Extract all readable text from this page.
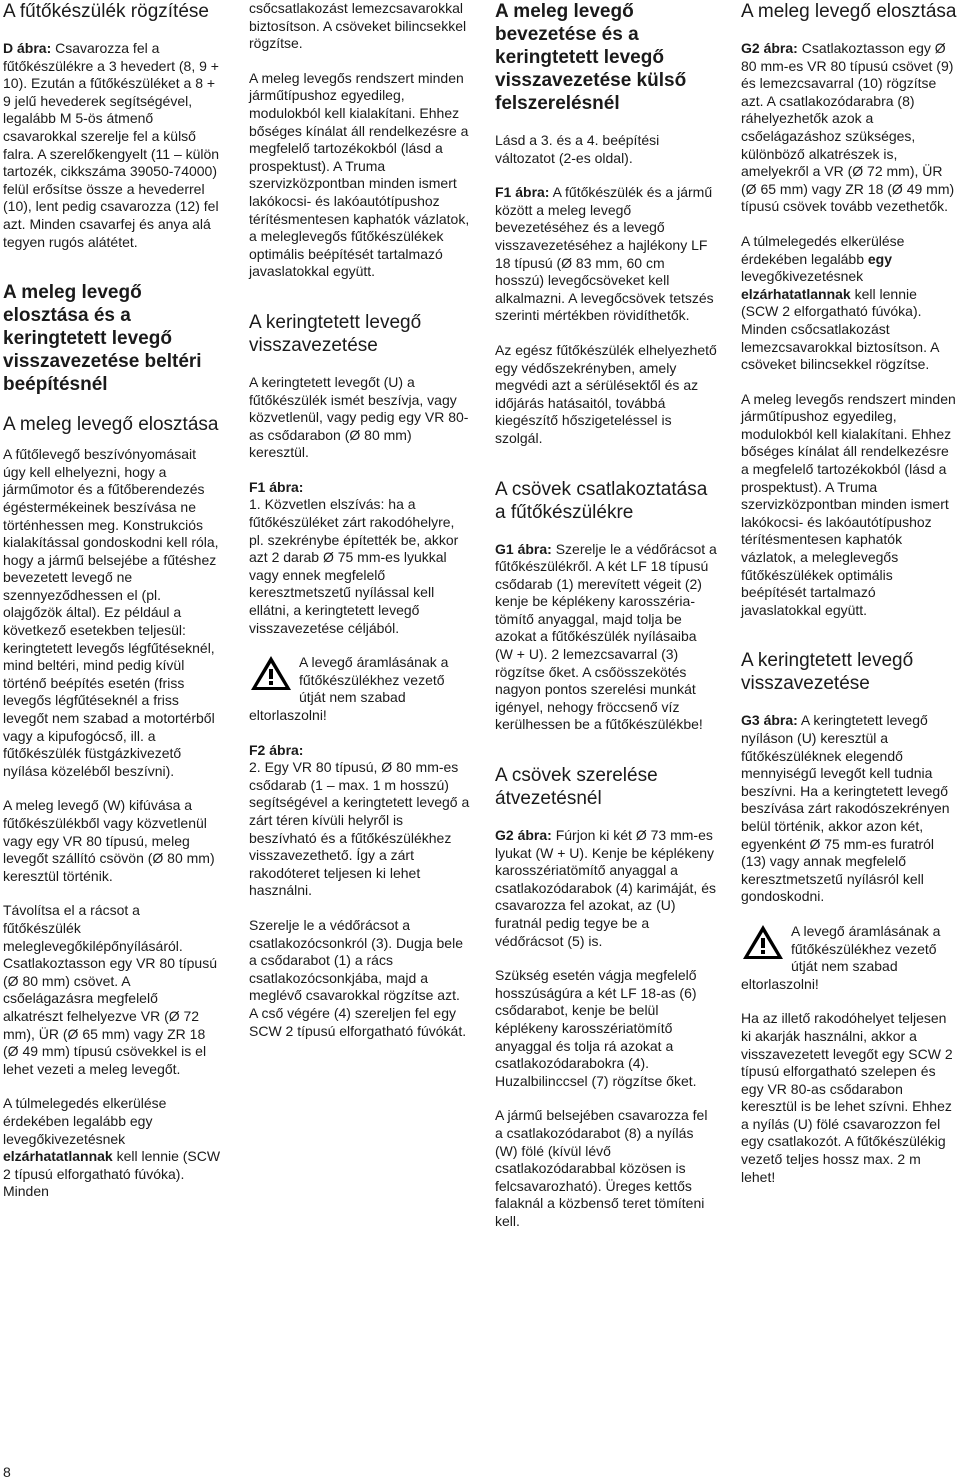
A fűtőkészülék rögzítése

D ábra: Csavarozza fel a fűtőkészülékre a 3 hevedert (8, 9 + 10). Ezután a fűtőkészüléket a 8 + 9 jelű hevederek segítségével, legalább M 5-ös átmenő csavarokkal szerelje fel a külső falra. A szerelőkengyelt (11 – külön tartozék, cikkszáma 39050-74000) felül erősítse össze a hevederrel (10), lent pedig csavarozza (12) fel azt. Minden csavarfej és anya alá tegyen rugós alátétet.

A meleg levegő elosztása és a keringtetett levegő visszavezetése beltéri beépítésnél
A meleg levegő elosztása

A fűtőlevegő beszívónyomásait úgy kell elhelyezni, hogy a járműmotor és a fűtőberendezés égéstermékeinek beszívása ne történhessen meg. Konstrukciós kialakítással gondoskodni kell róla, hogy a jármű belsejébe a fűtéshez bevezetett levegő ne szennyeződhessen el (pl. olajgőzök által). Ez például a következő esetekben teljesül: keringtetett levegős légfűtéseknél, mind beltéri, mind pedig kívül történő beépítés esetén (friss levegős légfűtéseknél a friss levegőt nem szabad a motortérből vagy a kipufogócső, ill. a fűtőkészülék füstgázkivezető nyílása közeléből beszívni).

A meleg levegő (W) kifúvása a fűtőkészülékből vagy közvetlenül vagy egy VR 80 típusú, meleg levegőt szállító csövön (Ø 80 mm) keresztül történik.

Távolítsa el a rácsot a fűtőkészülék meleglevegőkilépőnyílásáról. Csatlakoztasson egy VR 80 típusú (Ø 80 mm) csövet. A csőelágazásra megfelelő alkatrészt felhelyezve VR (Ø 72 mm), ÜR (Ø 65 mm) vagy ZR 18 (Ø 49 mm) típusú csövekkel is el lehet vezeti a meleg levegőt.

A túlmelegedés elkerülése érdekében legalább egy levegőkivezetésnek elzárhatatlannak kell lennie (SCW 2 típusú elforgatható fúvóka). Minden

csőcsatlakozást lemezcsavarokkal biztosítson. A csöveket bilincsekkel rögzítse.

A meleg levegős rendszert minden járműtípushoz egyedileg, modulokból kell kialakítani. Ehhez bőséges kínálat áll rendelkezésre a megfelelő tartozékokból (lásd a prospektust). A Truma szervizközpontban minden ismert lakókocsi- és lakóautótípushoz térítésmentesen kaphatók vázlatok, a meleglevegős fűtőkészülékek optimális beépítését tartalmazó javaslatokkal együtt.

A keringtetett levegő visszavezetése

A keringtetett levegőt (U) a fűtőkészülék ismét beszívja, vagy közvetlenül, vagy pedig egy VR 80-as csődarabon (Ø 80 mm) keresztül.

F1 ábra:

1. Közvetlen elszívás: ha a fűtőkészüléket zárt rakodóhelyre, pl. szekrénybe építették be, akkor azt 2 darab Ø 75 mm-es lyukkal vagy ennek megfelelő keresztmetszetű nyílással kell ellátni, a keringtetett levegő visszavezetése céljából.

A levegő áramlásának a fűtőkészülékhez vezető útját nem szabad eltorlaszolni!

F2 ábra:

2. Egy VR 80 típusú, Ø 80 mm-es csődarab (1 – max. 1 m hosszú) segítségével a keringtetett levegő a zárt téren kívüli helyről is beszívható és a fűtőkészülékhez visszavezethető. Így a zárt rakodóteret teljesen ki lehet használni.

Szerelje le a védőrácsot a csatlakozócsonkról (3). Dugja bele a csődarabot (1) a rács csatlakozócsonkjába, majd a meglévő csavarokkal rögzítse azt. A cső végére (4) szereljen fel egy SCW 2 típusú elforgatható fúvókát.

A meleg levegő bevezetése és a keringtetett levegő visszavezetése külső felszerelésnél

Lásd a 3. és a 4. beépítési változatot (2-es oldal).

F1 ábra: A fűtőkészülék és a jármű között a meleg levegő bevezetéséhez és a levegő visszavezetéséhez a hajlékony LF 18 típusú (Ø 83 mm, 60 cm hosszú) levegőcsöveket kell alkalmazni. A levegőcsövek tetszés szerinti mértékben rövidíthetők.

Az egész fűtőkészülék elhelyezhető egy védőszekrényben, amely megvédi azt a sérülésektől és az időjárás hatásaitól, továbbá kiegészítő hőszigeteléssel is szolgál.

A csövek csatlakoztatása a fűtőkészülékre

G1 ábra: Szerelje le a védőrácsot a fűtőkészülékről. A két LF 18 típusú csődarab (1) merevített végeit (2) kenje be képlékeny karosszéria-tömítő anyaggal, majd tolja be azokat a fűtőkészülék nyílásaiba (W + U). 2 lemezcsavarral (3) rögzítse őket. A csőösszekötés nagyon pontos szerelési munkát igényel, nehogy fröccsenő víz kerülhessen be a fűtőkészülékbe!

A csövek szerelése átvezetésnél

G2 ábra: Fúrjon ki két Ø 73 mm-es lyukat (W + U). Kenje be képlékeny karosszériatömítő anyaggal a csatlakozódarabok (4) karimáját, és csavarozza fel azokat, az (U) furatnál pedig tegye be a védőrácsot (5) is.

Szükség esetén vágja megfelelő hosszúságúra a két LF 18-as (6) csődarabot, kenje be belül képlékeny karosszériatömítő anyaggal és tolja rá azokat a csatlakozódarabokra (4). Huzalbilinccsel (7) rögzítse őket.

A jármű belsejében csavarozza fel a csatlakozódarabot (8) a nyílás (W) fölé (kívül lévő csatlakozódarabbal közösen is felcsavarozható). Üreges kettős falaknál a közbenső teret tömíteni kell.

A meleg levegő elosztása

G2 ábra: Csatlakoztasson egy Ø 80 mm-es VR 80 típusú csövet (9) és lemezcsavarral (10) rögzítse azt. A csatlakozódarabra (8) ráhelyezhetők azok a csőelágazáshoz szükséges, különböző alkatrészek is, amelyekről a VR (Ø 72 mm), ÜR (Ø 65 mm) vagy ZR 18 (Ø 49 mm) típusú csövek tovább vezethetők.

A túlmelegedés elkerülése érdekében legalább egy levegőkivezetésnek elzárhatatlannak kell lennie (SCW 2 elforgatható fúvóka). Minden csőcsatlakozást lemezcsavarokkal biztosítson. A csöveket bilincsekkel rögzítse.

A meleg levegős rendszert minden járműtípushoz egyedileg, modulokból kell kialakítani. Ehhez bőséges kínálat áll rendelkezésre a megfelelő tartozékokból (lásd a prospektust). A Truma szervizközpontban minden ismert lakókocsi- és lakóautótípushoz térítésmentesen kaphatók vázlatok, a meleglevegős fűtőkészülékek optimális beépítését tartalmazó javaslatokkal együtt.

A keringtetett levegő visszavezetése

G3 ábra: A keringtetett levegő nyíláson (U) keresztül a fűtőkészüléknek elegendő mennyiségű levegőt kell tudnia beszívni. Ha a keringtetett levegő beszívása zárt rakodószekrényen belül történik, akkor azon két, egyenként Ø 75 mm-es furatról (13) vagy annak megfelelő keresztmetszetű nyílásról kell gondoskodni.

A levegő áramlásának a fűtőkészülékhez vezető útját nem szabad eltorlaszolni!

Ha az illető rakodóhelyet teljesen ki akarják használni, akkor a visszavezetett levegőt egy SCW 2 típusú elforgatható szelepen és egy VR 80-as csődarabon keresztül is be lehet szívni. Ehhez a nyílás (U) fölé csavarozzon fel egy csatlakozót. A fűtőkészülékig vezető teljes hossz max. 2 m lehet!

8
